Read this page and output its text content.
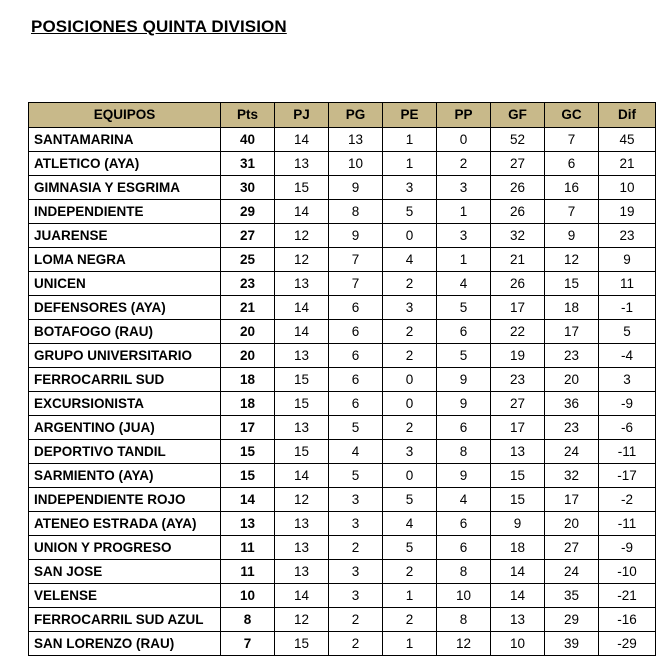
POSICIONES QUINTA DIVISION
EQUIPOS	Pts	PJ	PG	PE	PP	GF	GC	Dif
SANTAMARINA	40	14	13	1	0	52	7	45
ATLETICO (AYA)	31	13	10	1	2	27	6	21
GIMNASIA Y ESGRIMA	30	15	9	3	3	26	16	10
INDEPENDIENTE	29	14	8	5	1	26	7	19
JUARENSE	27	12	9	0	3	32	9	23
LOMA NEGRA	25	12	7	4	1	21	12	9
UNICEN	23	13	7	2	4	26	15	11
DEFENSORES (AYA)	21	14	6	3	5	17	18	-1
BOTAFOGO (RAU)	20	14	6	2	6	22	17	5
GRUPO UNIVERSITARIO	20	13	6	2	5	19	23	-4
FERROCARRIL SUD	18	15	6	0	9	23	20	3
EXCURSIONISTA	18	15	6	0	9	27	36	-9
ARGENTINO (JUA)	17	13	5	2	6	17	23	-6
DEPORTIVO TANDIL	15	15	4	3	8	13	24	-11
SARMIENTO (AYA)	15	14	5	0	9	15	32	-17
INDEPENDIENTE ROJO	14	12	3	5	4	15	17	-2
ATENEO ESTRADA (AYA)	13	13	3	4	6	9	20	-11
UNION Y PROGRESO	11	13	2	5	6	18	27	-9
SAN JOSE	11	13	3	2	8	14	24	-10
VELENSE	10	14	3	1	10	14	35	-21
FERROCARRIL SUD AZUL	8	12	2	2	8	13	29	-16
SAN LORENZO (RAU)	7	15	2	1	12	10	39	-29
